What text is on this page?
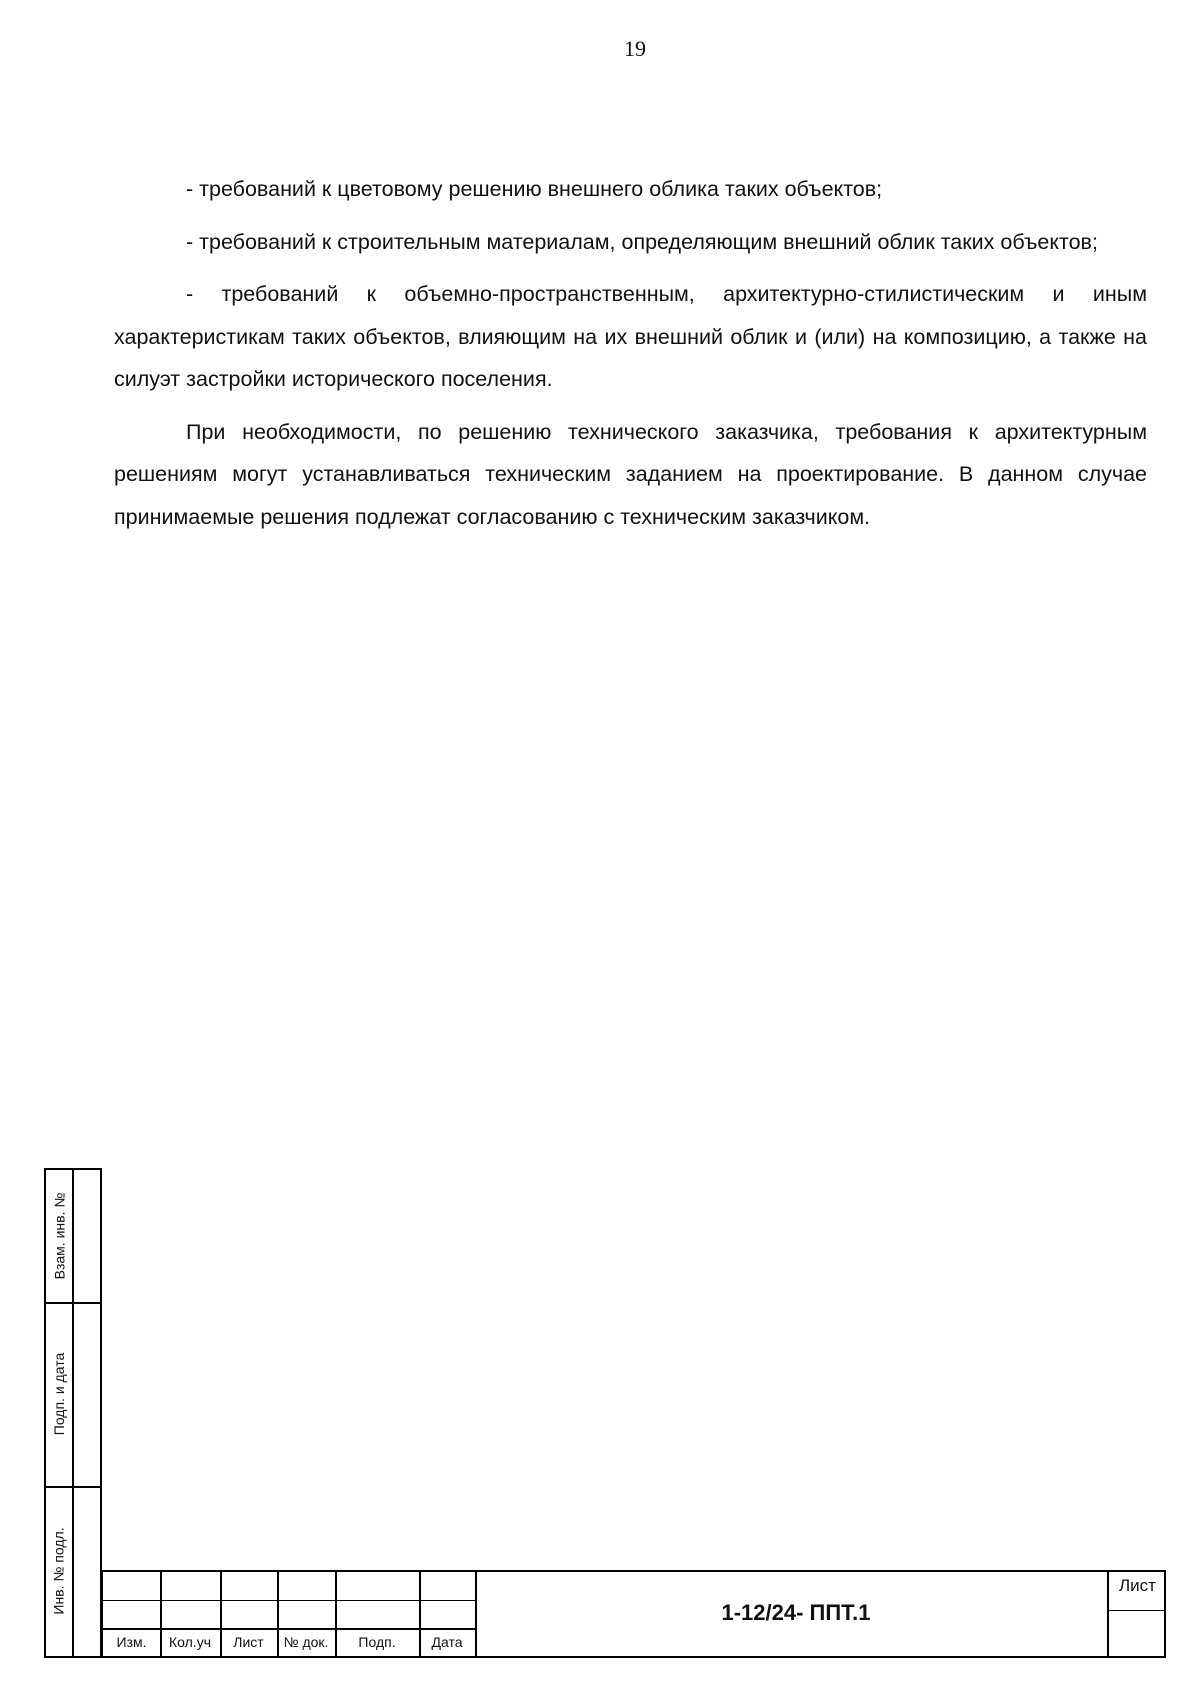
19

- требований к цветовому решению внешнего облика таких объектов;

- требований к строительным материалам, определяющим внешний облик таких объектов;

- требований к объемно-пространственным, архитектурно-стилистическим и иным характеристикам таких объектов, влияющим на их внешний облик и (или) на композицию, а также на силуэт застройки исторического поселения.

При необходимости, по решению технического заказчика, требования к архитектурным решениям могут устанавливаться техническим заданием на проектирование. В данном случае принимаемые решения подлежат согласованию с техническим заказчиком.

Взам. инв. №
Подп. и дата
Инв. № подл.
Изм.	Кол.уч	Лист	№ док.	Подп.	Дата
1-12/24- ППТ.1
Лист
